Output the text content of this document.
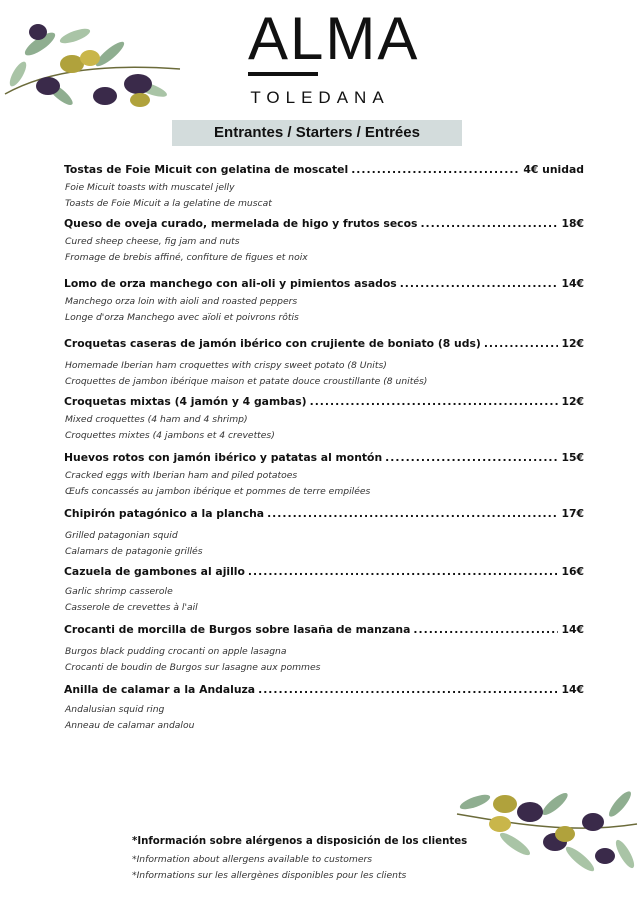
ALMA
TOLEDANA
Entrantes / Starters / Entrées
Tostas de Foie Micuit con gelatina de moscatel .....	4€ unidad
Foie Micuit toasts with muscatel jelly
Toasts de Foie Micuit a la gelatine de muscat
Queso de oveja curado, mermelada de higo y frutos secos .....	18€
Cured sheep cheese, fig jam and nuts
Fromage de brebis affiné, confiture de figues et noix
Lomo de orza manchego con ali-oli y pimientos asados .....	14€
Manchego orza loin with aioli and roasted peppers
Longe d'orza Manchego avec aïoli et poivrons rôtis
Croquetas caseras de jamón ibérico con crujiente de boniato (8 uds) .....	12€
Homemade Iberian ham croquettes with crispy sweet potato (8 Units)
Croquettes de jambon ibérique maison et patate douce croustillante (8 unités)
Croquetas mixtas (4 jamón y 4 gambas) .....	12€
Mixed croquettes (4 ham and 4 shrimp)
Croquettes mixtes (4 jambons et 4 crevettes)
Huevos rotos con jamón ibérico y patatas al montón .....	15€
Cracked eggs with Iberian ham and piled potatoes
Œufs concassés au jambon ibérique et pommes de terre empilées
Chipirón patagónico a la plancha .....	17€
Grilled patagonian squid
Calamars de patagonie grillés
Cazuela de gambones al ajillo .....	16€
Garlic shrimp casserole
Casserole de crevettes à l'ail
Crocanti de morcilla de Burgos sobre lasaña de manzana .....	14€
Burgos black pudding crocanti on apple lasagna
Crocanti de boudin de Burgos sur lasagne aux pommes
Anilla de calamar a la Andaluza .....	14€
Andalusian squid ring
Anneau de calamar andalou
*Información sobre alérgenos a disposición de los clientes
*Information about allergens available to customers
*Informations sur les allergènes disponibles pour les clients
